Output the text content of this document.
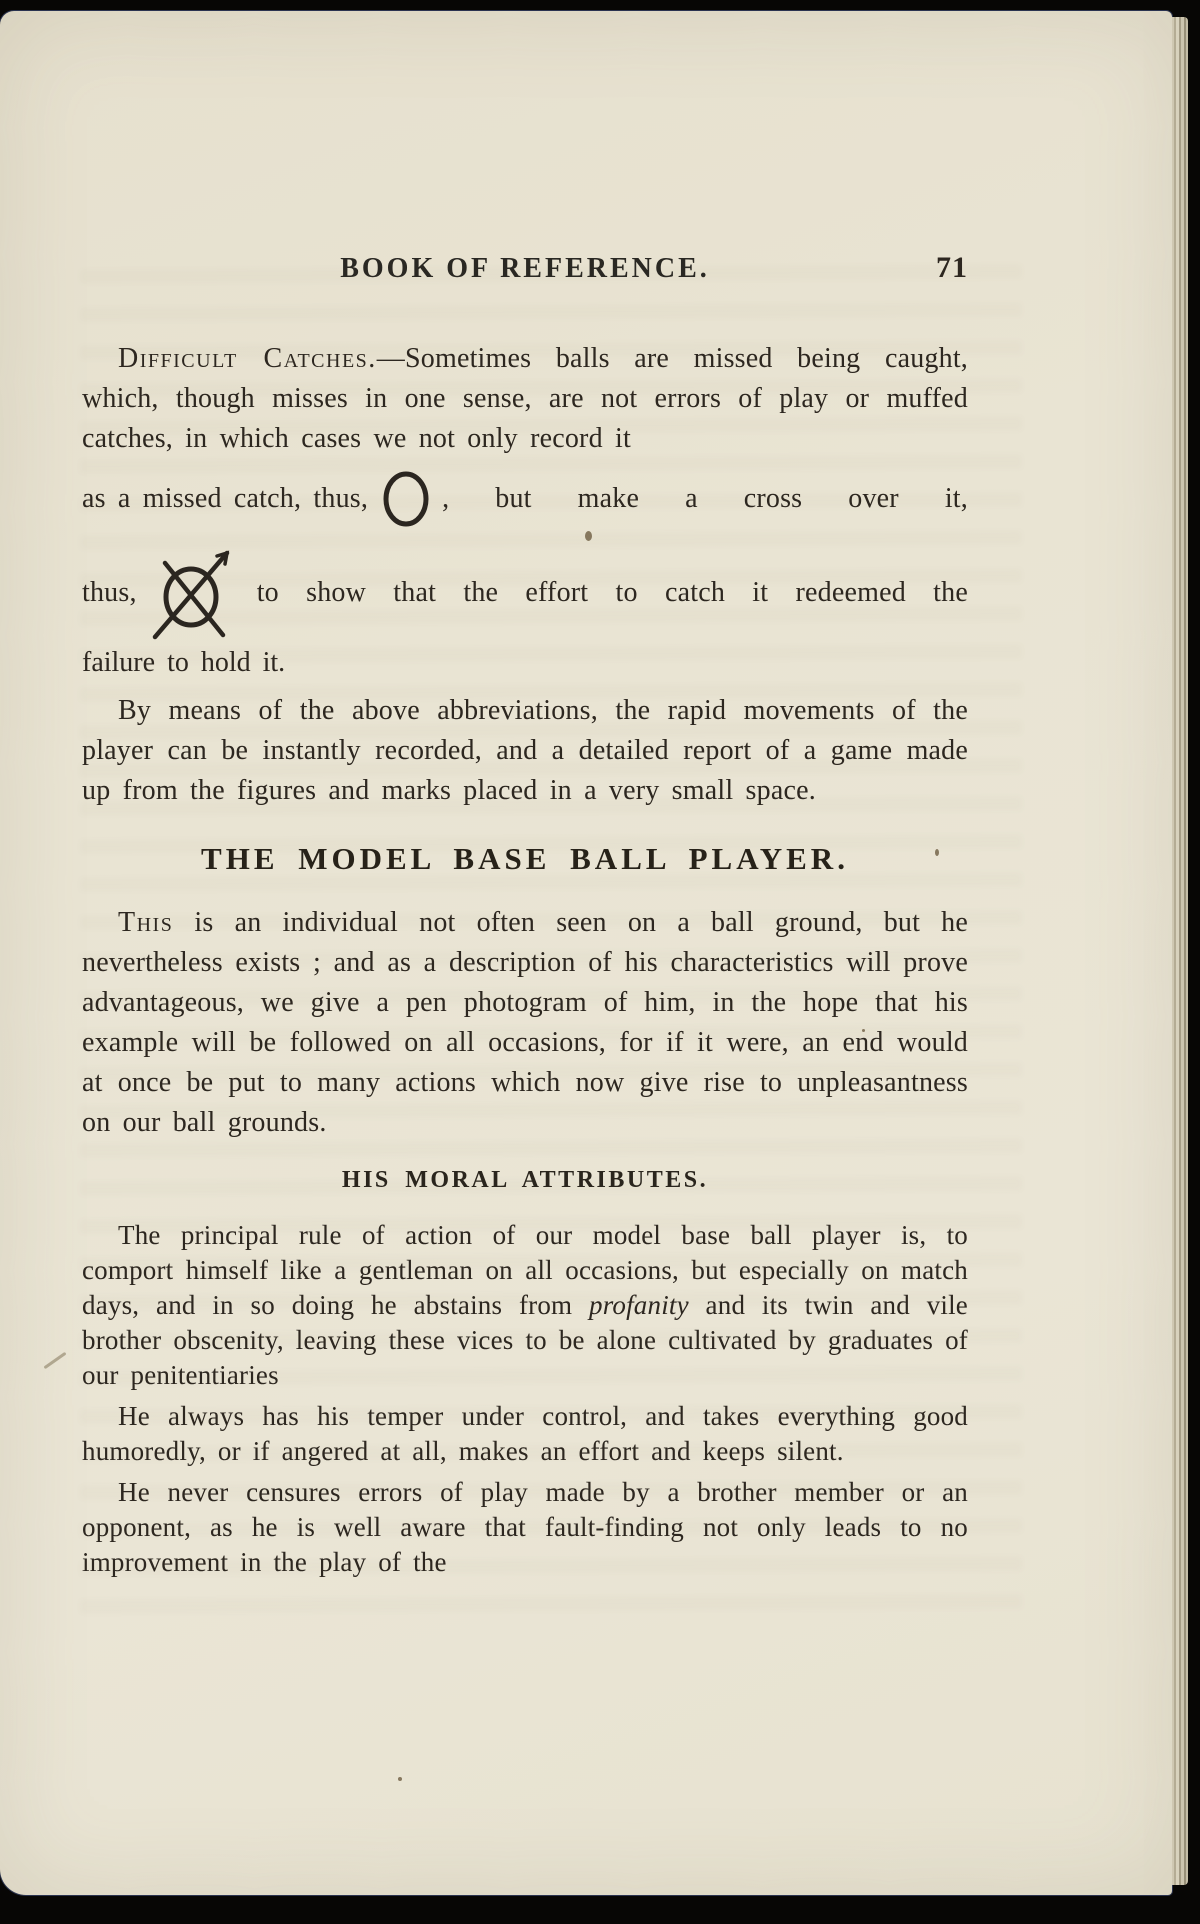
BOOK OF REFERENCE.	71

Difficult Catches.—Sometimes balls are missed being caught, which, though misses in one sense, are not errors of play or muffed catches, in which cases we not only record it

as a missed catch, thus,	, but make a cross over it,
thus,	to show that the effort to catch it redeemed the

failure to hold it.

By means of the above abbreviations, the rapid movements of the player can be instantly recorded, and a detailed report of a game made up from the figures and marks placed in a very small space.

THE MODEL BASE BALL PLAYER.

This is an individual not often seen on a ball ground, but he nevertheless exists ; and as a description of his characteristics will prove advantageous, we give a pen photogram of him, in the hope that his example will be followed on all occasions, for if it were, an end would at once be put to many actions which now give rise to unpleasantness on our ball grounds.

HIS MORAL ATTRIBUTES.

The principal rule of action of our model base ball player is, to comport himself like a gentleman on all occasions, but especially on match days, and in so doing he abstains from profanity and its twin and vile brother obscenity, leaving these vices to be alone cultivated by graduates of our penitentiaries

He always has his temper under control, and takes everything good humoredly, or if angered at all, makes an effort and keeps silent.

He never censures errors of play made by a brother member or an opponent, as he is well aware that fault-finding not only leads to no improvement in the play of the
